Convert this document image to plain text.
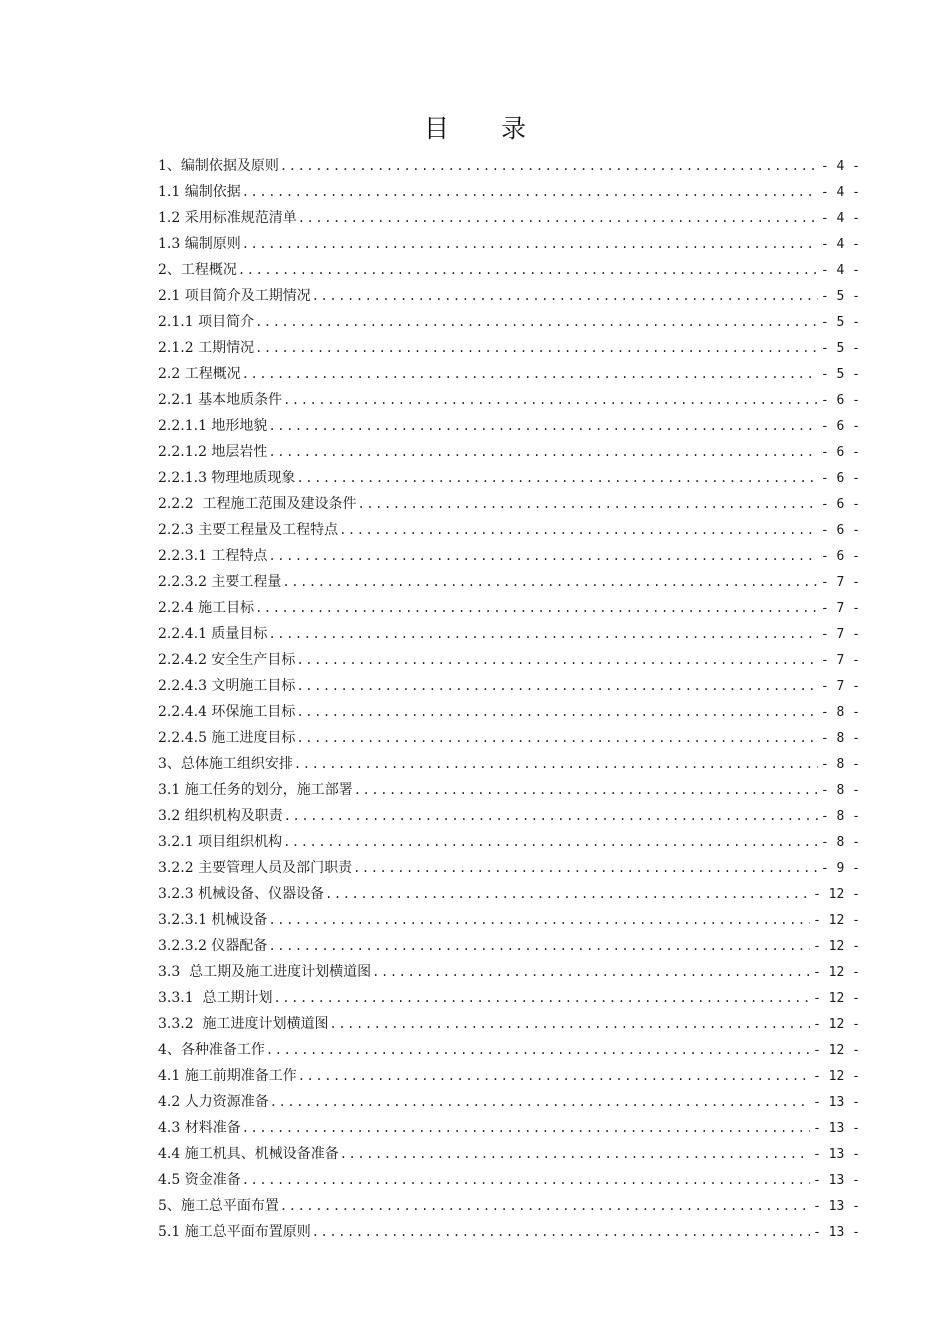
目 录
1、编制依据及原则 .....	- 4 -
1.1 编制依据 .....	- 4 -
1.2 采用标准规范清单 .....	- 4 -
1.3 编制原则 .....	- 4 -
2、工程概况 .....	- 4 -
2.1 项目简介及工期情况 .....	- 5 -
2.1.1 项目简介 .....	- 5 -
2.1.2 工期情况 .....	- 5 -
2.2 工程概况 .....	- 5 -
2.2.1 基本地质条件 .....	- 6 -
2.2.1.1 地形地貌 .....	- 6 -
2.2.1.2 地层岩性 .....	- 6 -
2.2.1.3 物理地质现象 .....	- 6 -
2.2.2  工程施工范围及建设条件 .....	- 6 -
2.2.3 主要工程量及工程特点 .....	- 6 -
2.2.3.1 工程特点 .....	- 6 -
2.2.3.2 主要工程量 .....	- 7 -
2.2.4 施工目标 .....	- 7 -
2.2.4.1 质量目标 .....	- 7 -
2.2.4.2 安全生产目标 .....	- 7 -
2.2.4.3 文明施工目标 .....	- 7 -
2.2.4.4 环保施工目标 .....	- 8 -
2.2.4.5 施工进度目标 .....	- 8 -
3、总体施工组织安排 .....	- 8 -
3.1 施工任务的划分，施工部署 .....	- 8 -
3.2 组织机构及职责 .....	- 8 -
3.2.1 项目组织机构 .....	- 8 -
3.2.2 主要管理人员及部门职责 .....	- 9 -
3.2.3 机械设备、仪器设备 .....	- 12 -
3.2.3.1 机械设备 .....	- 12 -
3.2.3.2 仪器配备 .....	- 12 -
3.3  总工期及施工进度计划横道图 .....	- 12 -
3.3.1  总工期计划 .....	- 12 -
3.3.2  施工进度计划横道图 .....	- 12 -
4、各种准备工作 .....	- 12 -
4.1 施工前期准备工作 .....	- 12 -
4.2 人力资源准备 .....	- 13 -
4.3 材料准备 .....	- 13 -
4.4 施工机具、机械设备准备 .....	- 13 -
4.5 资金准备 .....	- 13 -
5、施工总平面布置 .....	- 13 -
5.1 施工总平面布置原则 .....	- 13 -
